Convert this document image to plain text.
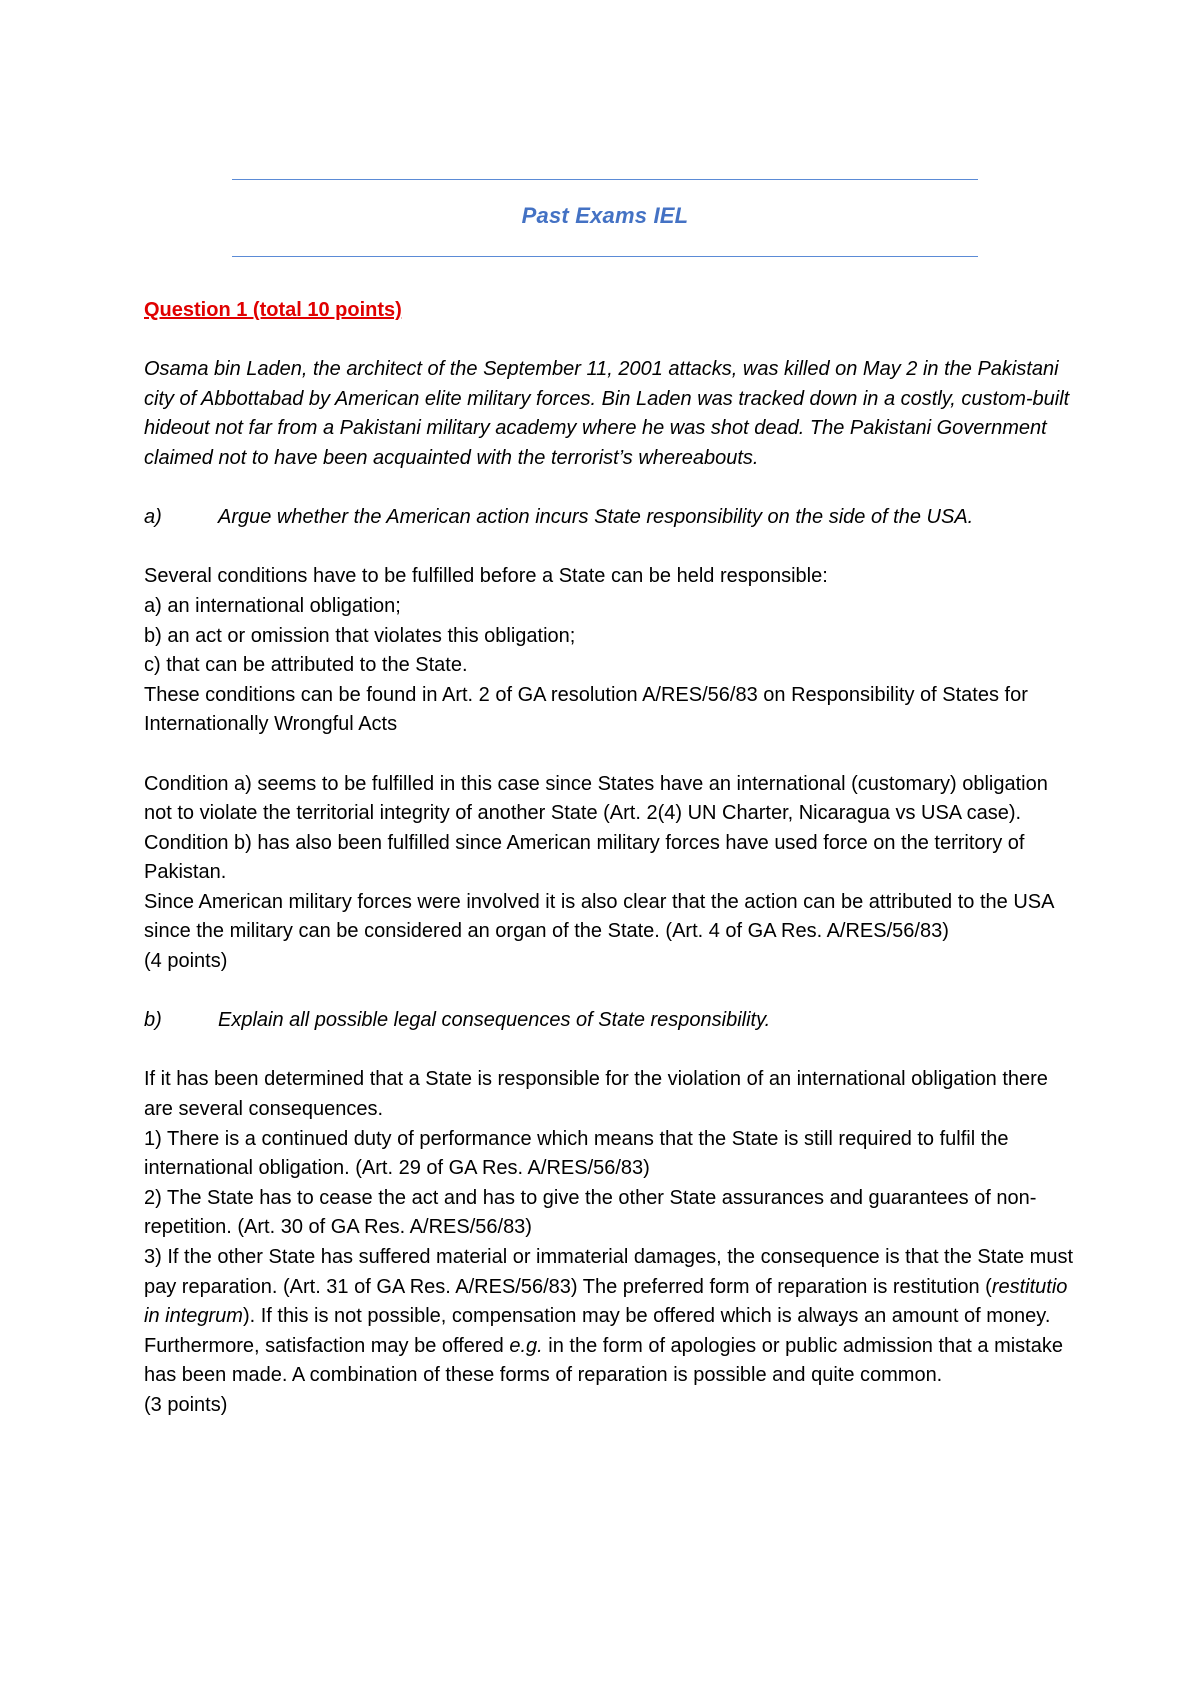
Past Exams IEL

Question 1 (total 10 points)

Osama bin Laden, the architect of the September 11, 2001 attacks, was killed on May 2 in the Pakistani city of Abbottabad by American elite military forces. Bin Laden was tracked down in a costly, custom-built hideout not far from a Pakistani military academy where he was shot dead. The Pakistani Government claimed not to have been acquainted with the terrorist’s whereabouts.

a)	Argue whether the American action incurs State responsibility on the side of the USA.

Several conditions have to be fulfilled before a State can be held responsible:

a) an international obligation;

b) an act or omission that violates this obligation;

c) that can be attributed to the State.

These conditions can be found in Art. 2 of GA resolution A/RES/56/83 on Responsibility of States for Internationally Wrongful Acts

Condition a) seems to be fulfilled in this case since States have an international (customary) obligation not to violate the territorial integrity of another State (Art. 2(4) UN Charter, Nicaragua vs USA case).

Condition b) has also been fulfilled since American military forces have used force on the territory of Pakistan.

Since American military forces were involved it is also clear that the action can be attributed to the USA since the military can be considered an organ of the State. (Art. 4 of GA Res. A/RES/56/83)

(4 points)

b)	Explain all possible legal consequences of State responsibility.

If it has been determined that a State is responsible for the violation of an international obligation there are several consequences.

1) There is a continued duty of performance which means that the State is still required to fulfil the international obligation. (Art. 29 of GA Res. A/RES/56/83)

2) The State has to cease the act and has to give the other State assurances and guarantees of non-repetition. (Art. 30 of GA Res. A/RES/56/83)

3) If the other State has suffered material or immaterial damages, the consequence is that the State must pay reparation. (Art. 31 of GA Res. A/RES/56/83) The preferred form of reparation is restitution (restitutio in integrum). If this is not possible, compensation may be offered which is always an amount of money. Furthermore, satisfaction may be offered e.g. in the form of apologies or public admission that a mistake has been made. A combination of these forms of reparation is possible and quite common.

(3 points)
